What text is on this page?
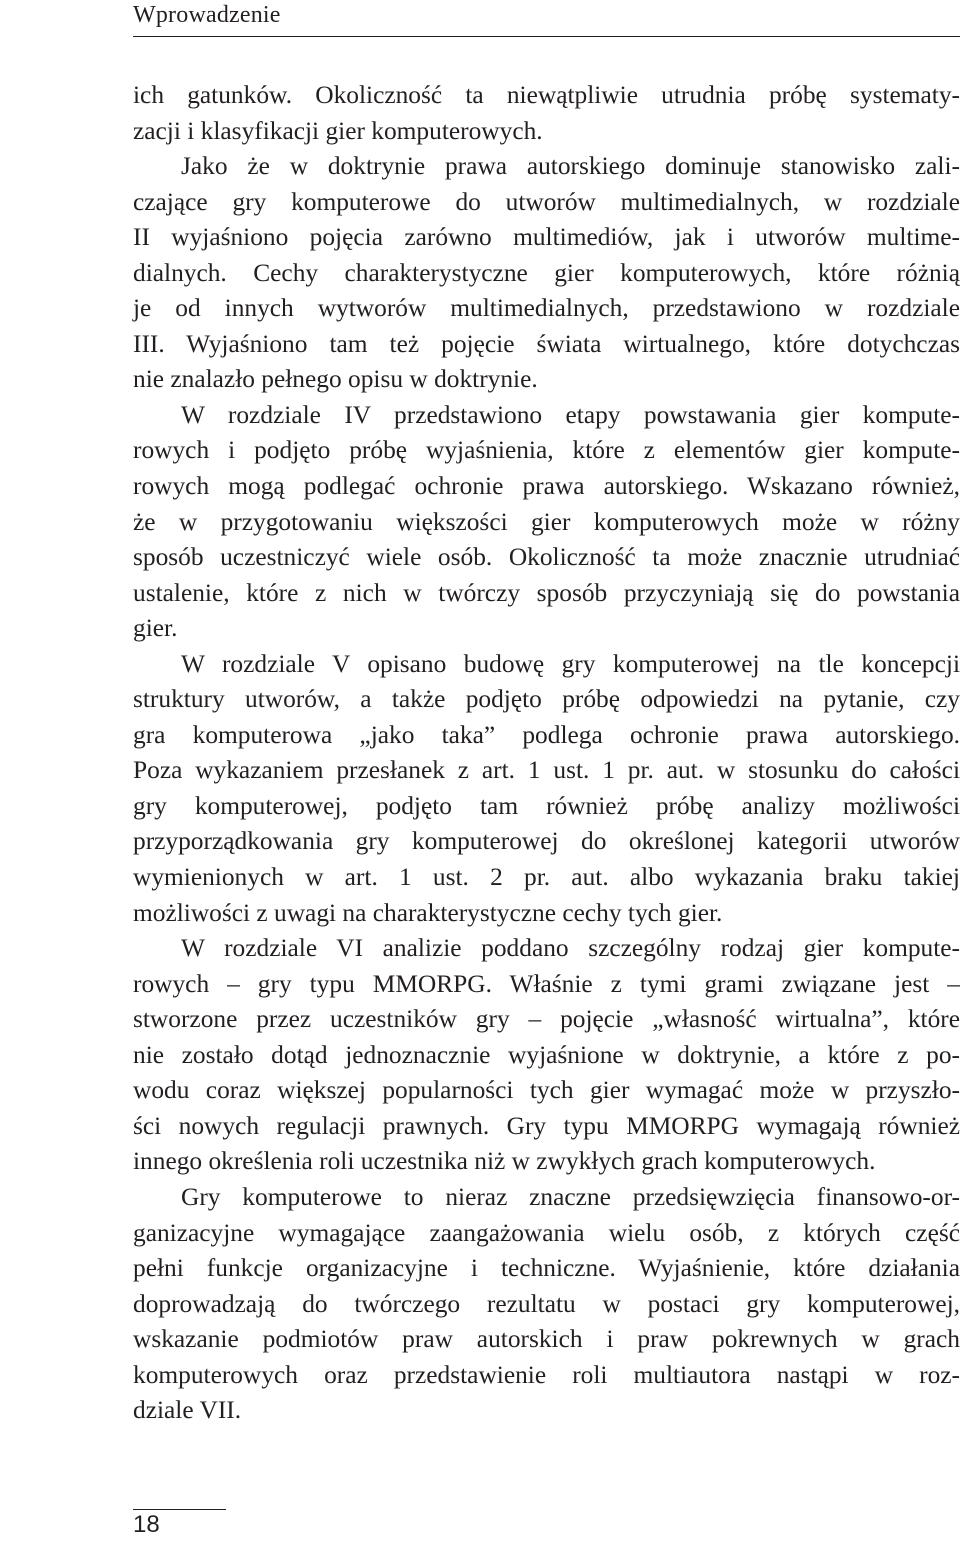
Wprowadzenie
ich gatunków. Okoliczność ta niewątpliwie utrudnia próbę systematy-
zacji i klasyfikacji gier komputerowych.
Jako że w doktrynie prawa autorskiego dominuje stanowisko zali-
czające gry komputerowe do utworów multimedialnych, w rozdziale
II wyjaśniono pojęcia zarówno multimediów, jak i utworów multime-
dialnych. Cechy charakterystyczne gier komputerowych, które różnią
je od innych wytworów multimedialnych, przedstawiono w rozdziale
III. Wyjaśniono tam też pojęcie świata wirtualnego, które dotychczas
nie znalazło pełnego opisu w doktrynie.
W rozdziale IV przedstawiono etapy powstawania gier kompute-
rowych i podjęto próbę wyjaśnienia, które z elementów gier kompute-
rowych mogą podlegać ochronie prawa autorskiego. Wskazano również,
że w przygotowaniu większości gier komputerowych może w różny
sposób uczestniczyć wiele osób. Okoliczność ta może znacznie utrudniać
ustalenie, które z nich w twórczy sposób przyczyniają się do powstania
gier.
W rozdziale V opisano budowę gry komputerowej na tle koncepcji
struktury utworów, a także podjęto próbę odpowiedzi na pytanie, czy
gra komputerowa „jako taka” podlega ochronie prawa autorskiego.
Poza wykazaniem przesłanek z art. 1 ust. 1 pr. aut. w stosunku do całości
gry komputerowej, podjęto tam również próbę analizy możliwości
przyporządkowania gry komputerowej do określonej kategorii utworów
wymienionych w art. 1 ust. 2 pr. aut. albo wykazania braku takiej
możliwości z uwagi na charakterystyczne cechy tych gier.
W rozdziale VI analizie poddano szczególny rodzaj gier kompute-
rowych – gry typu MMORPG. Właśnie z tymi grami związane jest –
stworzone przez uczestników gry – pojęcie „własność wirtualna”, które
nie zostało dotąd jednoznacznie wyjaśnione w doktrynie, a które z po-
wodu coraz większej popularności tych gier wymagać może w przyszło-
ści nowych regulacji prawnych. Gry typu MMORPG wymagają również
innego określenia roli uczestnika niż w zwykłych grach komputerowych.
Gry komputerowe to nieraz znaczne przedsięwzięcia finansowo-or-
ganizacyjne wymagające zaangażowania wielu osób, z których część
pełni funkcje organizacyjne i techniczne. Wyjaśnienie, które działania
doprowadzają do twórczego rezultatu w postaci gry komputerowej,
wskazanie podmiotów praw autorskich i praw pokrewnych w grach
komputerowych oraz przedstawienie roli multiautora nastąpi w roz-
dziale VII.
18
